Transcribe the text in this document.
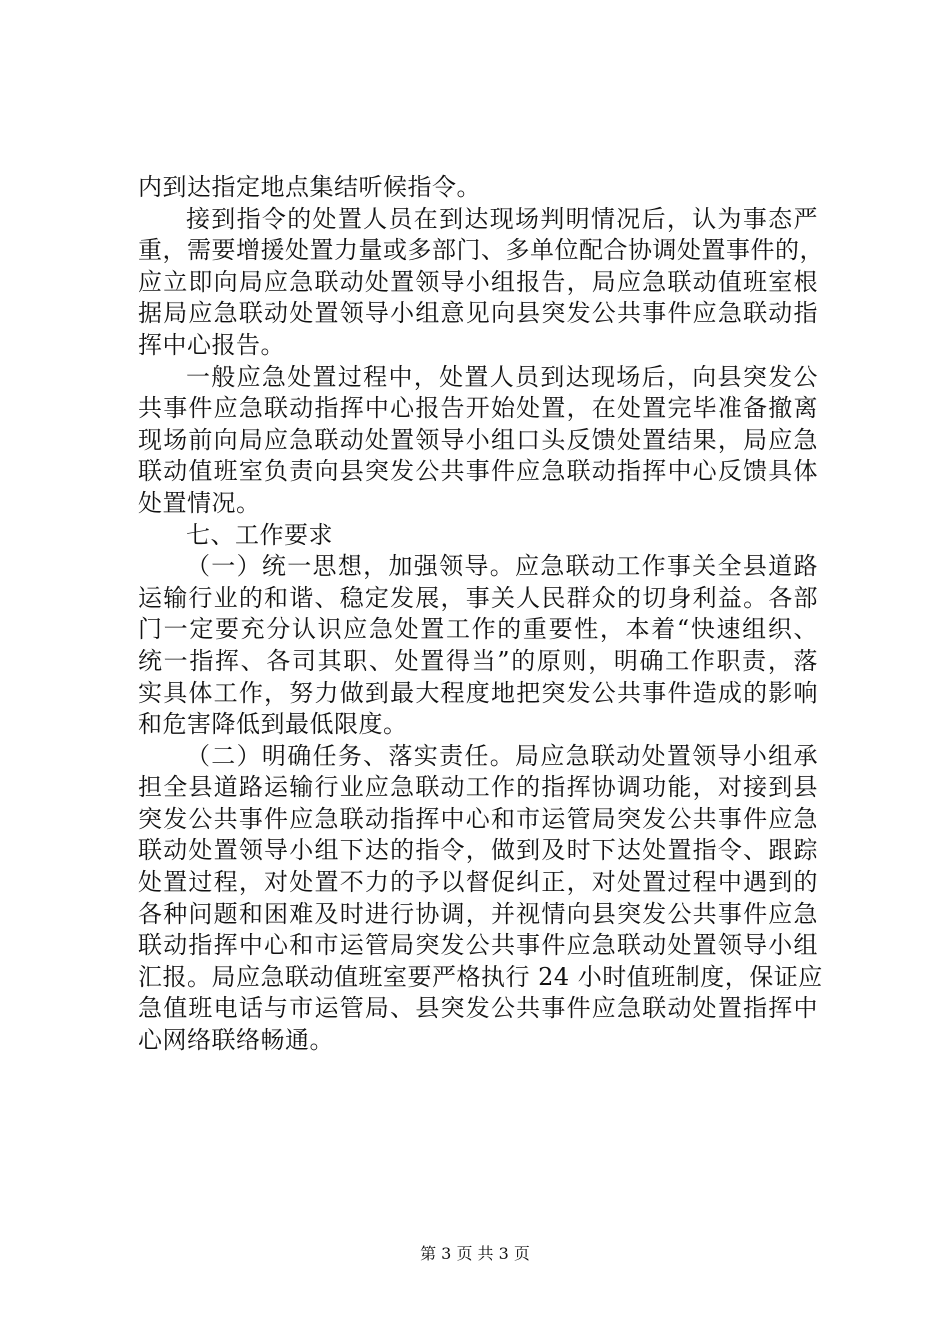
内到达指定地点集结听候指令。
接到指令的处置人员在到达现场判明情况后，认为事态严
重，需要增援处置力量或多部门、多单位配合协调处置事件的，
应立即向局应急联动处置领导小组报告，局应急联动值班室根
据局应急联动处置领导小组意见向县突发公共事件应急联动指
挥中心报告。
一般应急处置过程中，处置人员到达现场后，向县突发公
共事件应急联动指挥中心报告开始处置，在处置完毕准备撤离
现场前向局应急联动处置领导小组口头反馈处置结果，局应急
联动值班室负责向县突发公共事件应急联动指挥中心反馈具体
处置情况。
七、工作要求
（一）统一思想，加强领导。应急联动工作事关全县道路
运输行业的和谐、稳定发展，事关人民群众的切身利益。各部
门一定要充分认识应急处置工作的重要性，本着“快速组织、
统一指挥、各司其职、处置得当”的原则，明确工作职责，落
实具体工作，努力做到最大程度地把突发公共事件造成的影响
和危害降低到最低限度。
（二）明确任务、落实责任。局应急联动处置领导小组承
担全县道路运输行业应急联动工作的指挥协调功能，对接到县
突发公共事件应急联动指挥中心和市运管局突发公共事件应急
联动处置领导小组下达的指令，做到及时下达处置指令、跟踪
处置过程，对处置不力的予以督促纠正，对处置过程中遇到的
各种问题和困难及时进行协调，并视情向县突发公共事件应急
联动指挥中心和市运管局突发公共事件应急联动处置领导小组
汇报。局应急联动值班室要严格执行 24 小时值班制度，保证应
急值班电话与市运管局、县突发公共事件应急联动处置指挥中
心网络联络畅通。
第 3 页 共 3 页
